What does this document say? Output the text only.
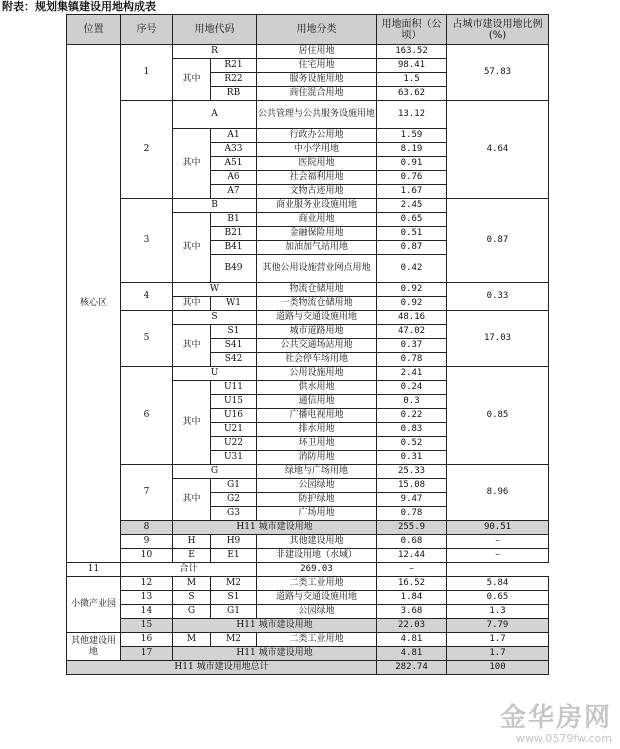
附表：规划集镇建设用地构成表
位置	序号	用地代码		用地分类	用地面积（公顷）	占城市建设用地比例(%)
核心区	1	R		居住用地	163.52	57.83
		其中	R21	住宅用地	98.41	
			R22	服务设施用地	1.5	
			RB	商住混合用地	63.62	
	2	A		公共管理与公共服务设施用地	13.12	4.64
		其中	A1	行政办公用地	1.59	
			A33	中小学用地	8.19	
			A51	医院用地	0.91	
			A6	社会福利用地	0.76	
			A7	文物古迹用地	1.67	
	3	B		商业服务业设施用地	2.45	0.87
		其中	B1	商业用地	0.65	
			B21	金融保险用地	0.51	
			B41	加油加气站用地	0.87	
			B49	其他公用设施营业网点用地	0.42	
	4	W		物流仓储用地	0.92	0.33
		其中	W1	一类物流仓储用地	0.92	
	5	S		道路与交通设施用地	48.16	17.03
		其中	S1	城市道路用地	47.02	
			S41	公共交通场站用地	0.37	
			S42	社会停车场用地	0.78	
	6	U		公用设施用地	2.41	0.85
		其中	U11	供水用地	0.24	
			U15	通信用地	0.3	
			U16	广播电视用地	0.22	
			U21	排水用地	0.83	
			U22	环卫用地	0.52	
			U31	消防用地	0.31	
	7	G		绿地与广场用地	25.33	8.96
		其中	G1	公园绿地	15.08	
			G2	防护绿地	9.47	
			G3	广场用地	0.78	
	8	H11 城市建设用地			255.9	90.51
	9	H	H9	其他建设用地	0.68	–
	10	E	E1	非建设用地（水域）	12.44	–
11	合计			269.03	–	
小微产业园	12	M	M2	二类工业用地	16.52	5.84
	13	S	S1	道路与交通设施用地	1.84	0.65
	14	G	G1	公园绿地	3.68	1.3
	15	H11 城市建设用地			22.03	7.79
其他建设用地	16	M	M2	二类工业用地	4.81	1.7
	17	H11 城市建设用地			4.81	1.7
H11 城市建设用地总计					282.74	100
金华房网
www.0579fw.com
